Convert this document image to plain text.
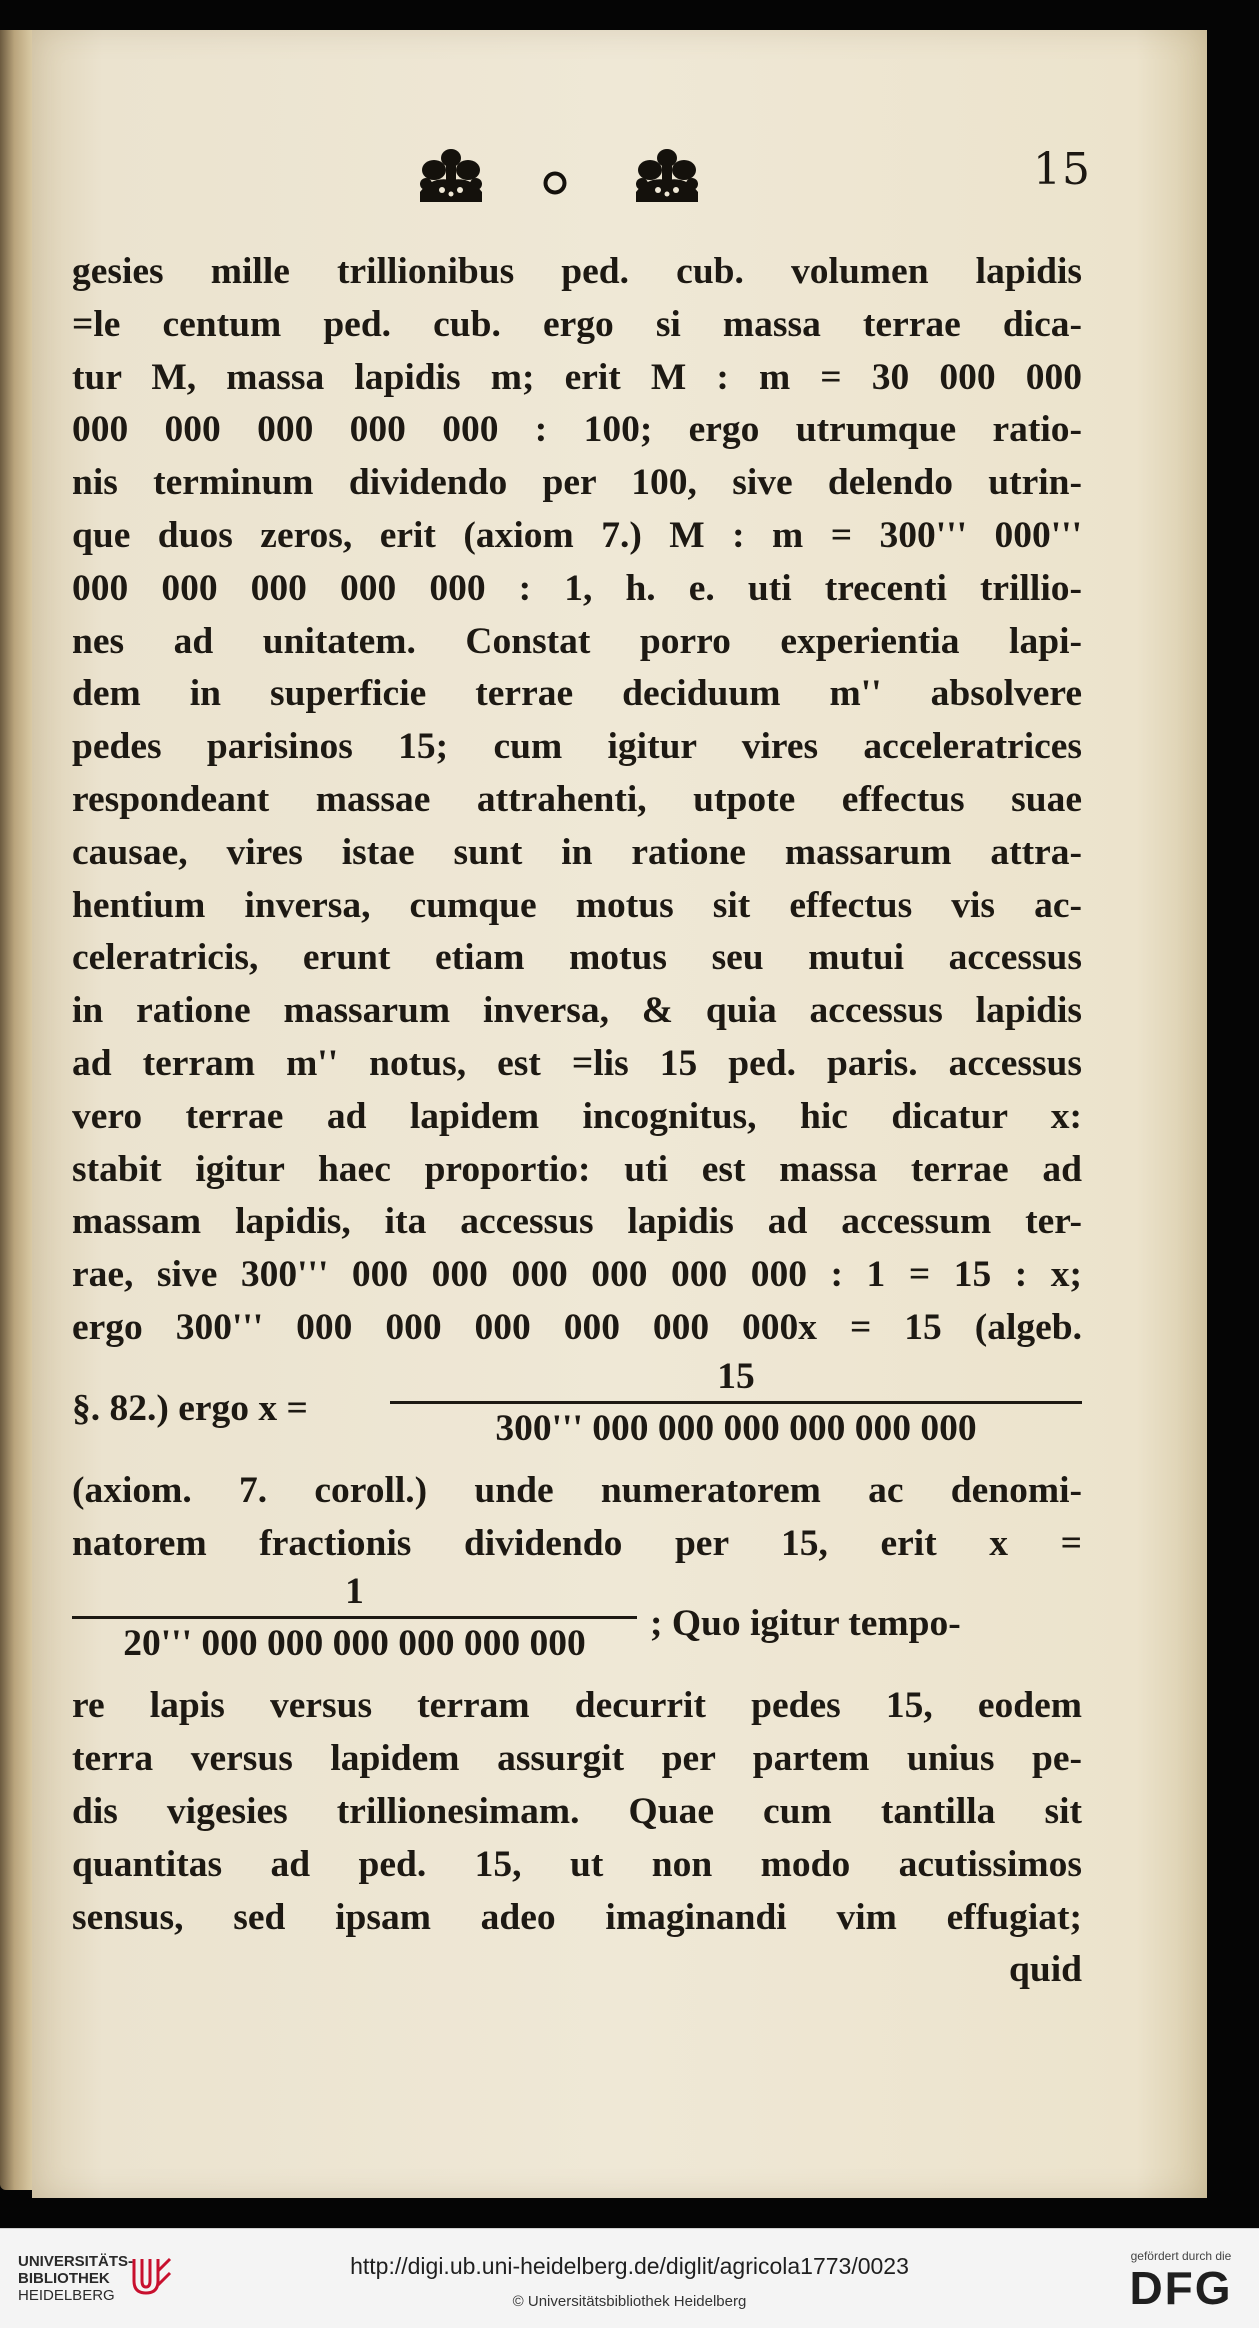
15
gesies mille trillionibus ped. cub. volumen lapidis
=le centum ped. cub. ergo si massa terrae dica-
tur M, massa lapidis m; erit M : m = 30 000 000
000 000 000 000 000 : 100; ergo utrumque ratio-
nis terminum dividendo per 100, sive delendo utrin-
que duos zeros, erit (axiom 7.) M : m = 300''' 000'''
000 000 000 000 000 : 1, h. e. uti trecenti trillio-
nes ad unitatem. Constat porro experientia lapi-
dem in superficie terrae deciduum m'' absolvere
pedes parisinos 15; cum igitur vires acceleratrices
respondeant massae attrahenti, utpote effectus suae
causae, vires istae sunt in ratione massarum attra-
hentium inversa, cumque motus sit effectus vis ac-
celeratricis, erunt etiam motus seu mutui accessus
in ratione massarum inversa, & quia accessus lapidis
ad terram m'' notus, est =lis 15 ped. paris. accessus
vero terrae ad lapidem incognitus, hic dicatur x:
stabit igitur haec proportio: uti est massa terrae ad
massam lapidis, ita accessus lapidis ad accessum ter-
rae, sive 300''' 000 000 000 000 000 000 : 1 = 15 : x;
ergo 300''' 000 000 000 000 000 000x = 15 (algeb.
§. 82.) ergo x =
15
300''' 000 000 000 000 000 000
(axiom. 7. coroll.) unde numeratorem ac denomi-
natorem fractionis dividendo per 15, erit x =
1
20''' 000 000 000 000 000 000	; Quo igitur tempo-
re lapis versus terram decurrit pedes 15, eodem
terra versus lapidem assurgit per partem unius pe-
dis vigesies trillionesimam. Quae cum tantilla sit
quantitas ad ped. 15, ut non modo acutissimos
sensus, sed ipsam adeo imaginandi vim effugiat;
quid
UNIVERSITÄTS-
BIBLIOTHEK
HEIDELBERG
http://digi.ub.uni-heidelberg.de/diglit/agricola1773/0023
© Universitätsbibliothek Heidelberg
gefördert durch die
DFG
